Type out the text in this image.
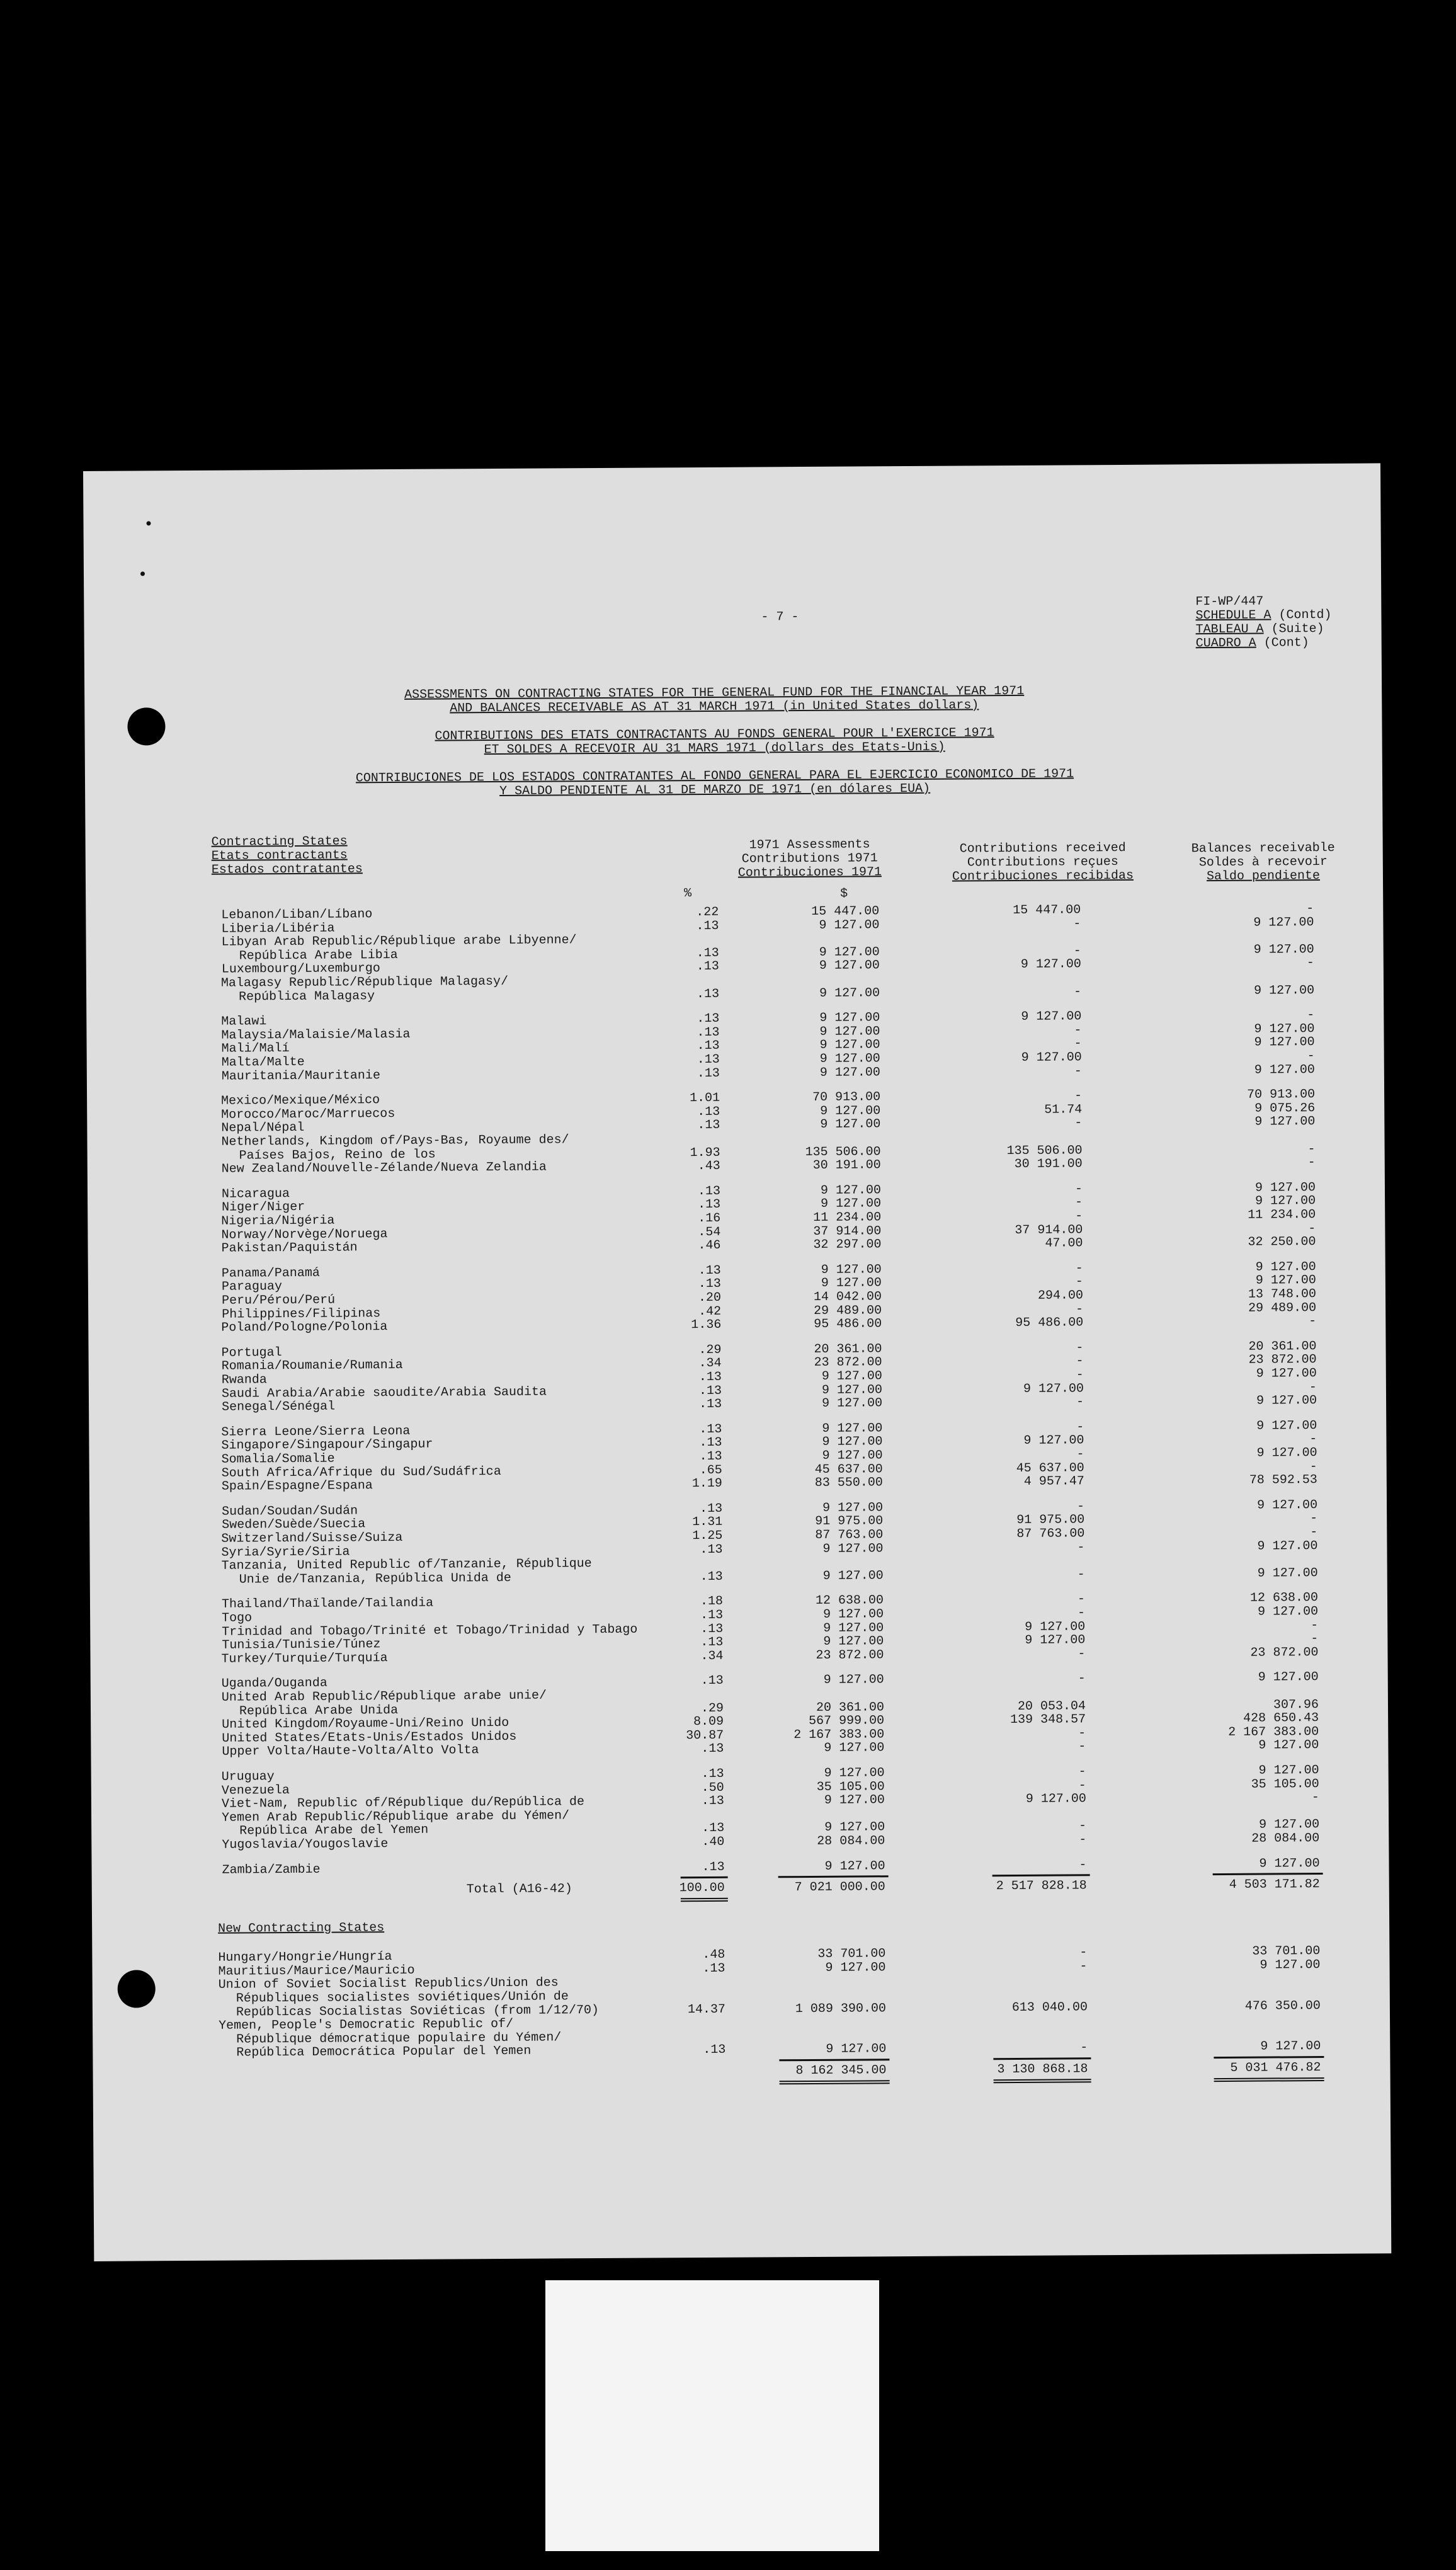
- 7 -
FI-WP/447
SCHEDULE A (Contd)
TABLEAU A (Suite)
CUADRO A (Cont)
ASSESSMENTS ON CONTRACTING STATES FOR THE GENERAL FUND FOR THE FINANCIAL YEAR 1971
AND BALANCES RECEIVABLE AS AT 31 MARCH 1971 (in United States dollars)
CONTRIBUTIONS DES ETATS CONTRACTANTS AU FONDS GENERAL POUR L'EXERCICE 1971
ET SOLDES A RECEVOIR AU 31 MARS 1971 (dollars des Etats-Unis)
CONTRIBUCIONES DE LOS ESTADOS CONTRATANTES AL FONDO GENERAL PARA EL EJERCICIO ECONOMICO DE 1971
Y SALDO PENDIENTE AL 31 DE MARZO DE 1971 (en dólares EUA)
Contracting States
Etats contractants
Estados contratantes
1971 Assessments
Contributions 1971
Contribuciones 1971
Contributions received
Contributions reçues
Contribuciones recibidas
Balances receivable
Soldes à recevoir
Saldo pendiente
%	$
Lebanon/Liban/Líbano	.22	15 447.00	15 447.00	-
Liberia/Libéria	.13	9 127.00	-	9 127.00
Libyan Arab Republic/République arabe Libyenne/
República Arabe Libia	.13	9 127.00	-	9 127.00
Luxembourg/Luxemburgo	.13	9 127.00	9 127.00	-
Malagasy Republic/République Malagasy/
República Malagasy	.13	9 127.00	-	9 127.00
Malawi	.13	9 127.00	9 127.00	-
Malaysia/Malaisie/Malasia	.13	9 127.00	-	9 127.00
Mali/Malí	.13	9 127.00	-	9 127.00
Malta/Malte	.13	9 127.00	9 127.00	-
Mauritania/Mauritanie	.13	9 127.00	-	9 127.00
Mexico/Mexique/México	1.01	70 913.00	-	70 913.00
Morocco/Maroc/Marruecos	.13	9 127.00	51.74	9 075.26
Nepal/Népal	.13	9 127.00	-	9 127.00
Netherlands, Kingdom of/Pays-Bas, Royaume des/
Países Bajos, Reino de los	1.93	135 506.00	135 506.00	-
New Zealand/Nouvelle-Zélande/Nueva Zelandia	.43	30 191.00	30 191.00	-
Nicaragua	.13	9 127.00	-	9 127.00
Niger/Niger	.13	9 127.00	-	9 127.00
Nigeria/Nigéria	.16	11 234.00	-	11 234.00
Norway/Norvège/Noruega	.54	37 914.00	37 914.00	-
Pakistan/Paquistán	.46	32 297.00	47.00	32 250.00
Panama/Panamá	.13	9 127.00	-	9 127.00
Paraguay	.13	9 127.00	-	9 127.00
Peru/Pérou/Perú	.20	14 042.00	294.00	13 748.00
Philippines/Filipinas	.42	29 489.00	-	29 489.00
Poland/Pologne/Polonia	1.36	95 486.00	95 486.00	-
Portugal	.29	20 361.00	-	20 361.00
Romania/Roumanie/Rumania	.34	23 872.00	-	23 872.00
Rwanda	.13	9 127.00	-	9 127.00
Saudi Arabia/Arabie saoudite/Arabia Saudita	.13	9 127.00	9 127.00	-
Senegal/Sénégal	.13	9 127.00	-	9 127.00
Sierra Leone/Sierra Leona	.13	9 127.00	-	9 127.00
Singapore/Singapour/Singapur	.13	9 127.00	9 127.00	-
Somalia/Somalie	.13	9 127.00	-	9 127.00
South Africa/Afrique du Sud/Sudáfrica	.65	45 637.00	45 637.00	-
Spain/Espagne/Espana	1.19	83 550.00	4 957.47	78 592.53
Sudan/Soudan/Sudán	.13	9 127.00	-	9 127.00
Sweden/Suède/Suecia	1.31	91 975.00	91 975.00	-
Switzerland/Suisse/Suiza	1.25	87 763.00	87 763.00	-
Syria/Syrie/Siria	.13	9 127.00	-	9 127.00
Tanzania, United Republic of/Tanzanie, République
Unie de/Tanzania, República Unida de	.13	9 127.00	-	9 127.00
Thailand/Thaïlande/Tailandia	.18	12 638.00	-	12 638.00
Togo	.13	9 127.00	-	9 127.00
Trinidad and Tobago/Trinité et Tobago/Trinidad y Tabago	.13	9 127.00	9 127.00	-
Tunisia/Tunisie/Túnez	.13	9 127.00	9 127.00	-
Turkey/Turquie/Turquía	.34	23 872.00	-	23 872.00
Uganda/Ouganda	.13	9 127.00	-	9 127.00
United Arab Republic/République arabe unie/
República Arabe Unida	.29	20 361.00	20 053.04	307.96
United Kingdom/Royaume-Uni/Reino Unido	8.09	567 999.00	139 348.57	428 650.43
United States/Etats-Unis/Estados Unidos	30.87	2 167 383.00	-	2 167 383.00
Upper Volta/Haute-Volta/Alto Volta	.13	9 127.00	-	9 127.00
Uruguay	.13	9 127.00	-	9 127.00
Venezuela	.50	35 105.00	-	35 105.00
Viet-Nam, Republic of/République du/República de	.13	9 127.00	9 127.00	-
Yemen Arab Republic/République arabe du Yémen/
República Arabe del Yemen	.13	9 127.00	-	9 127.00
Yugoslavia/Yougoslavie	.40	28 084.00	-	28 084.00
Zambia/Zambie	.13	9 127.00	-	9 127.00
Total (A16-42)	100.00	7 021 000.00	2 517 828.18	4 503 171.82
New Contracting States
Hungary/Hongrie/Hungría	.48	33 701.00	-	33 701.00
Mauritius/Maurice/Mauricio	.13	9 127.00	-	9 127.00
Union of Soviet Socialist Republics/Union des
Républiques socialistes soviétiques/Unión de
Repúblicas Socialistas Soviéticas (from 1/12/70)	14.37	1 089 390.00	613 040.00	476 350.00
Yemen, People's Democratic Republic of/
République démocratique populaire du Yémen/
República Democrática Popular del Yemen	.13	9 127.00	-	9 127.00
8 162 345.00	3 130 868.18	5 031 476.82
